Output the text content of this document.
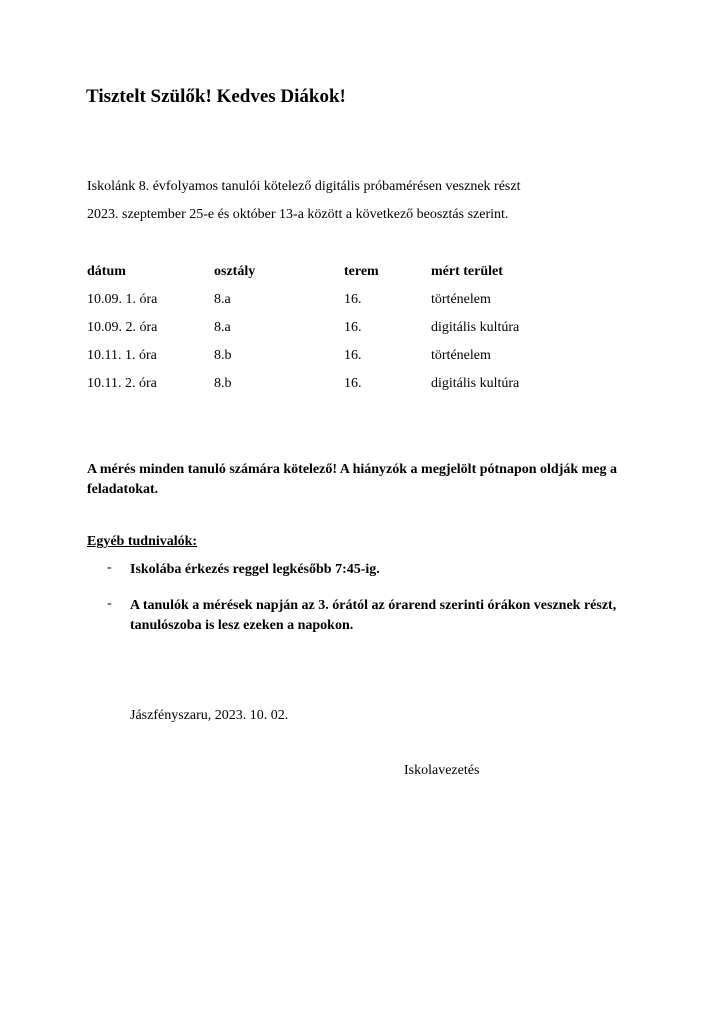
Tisztelt Szülők! Kedves Diákok!
Iskolánk 8. évfolyamos tanulói kötelező digitális próbamérésen vesznek részt
2023. szeptember 25-e és október 13-a között a következő beosztás szerint.
dátum	osztály	terem	mért terület
10.09. 1. óra	8.a	16.	történelem
10.09. 2. óra	8.a	16.	digitális kultúra
10.11. 1. óra	8.b	16.	történelem
10.11. 2. óra	8.b	16.	digitális kultúra
A mérés minden tanuló számára kötelező! A hiányzók a megjelölt pótnapon oldják meg a feladatokat.
Egyéb tudnivalók:
- Iskolába érkezés reggel legkésőbb 7:45-ig.
- A tanulók a mérések napján az 3. órától az órarend szerinti órákon vesznek részt, tanulószoba is lesz ezeken a napokon.
Jászfényszaru, 2023. 10. 02.
Iskolavezetés
